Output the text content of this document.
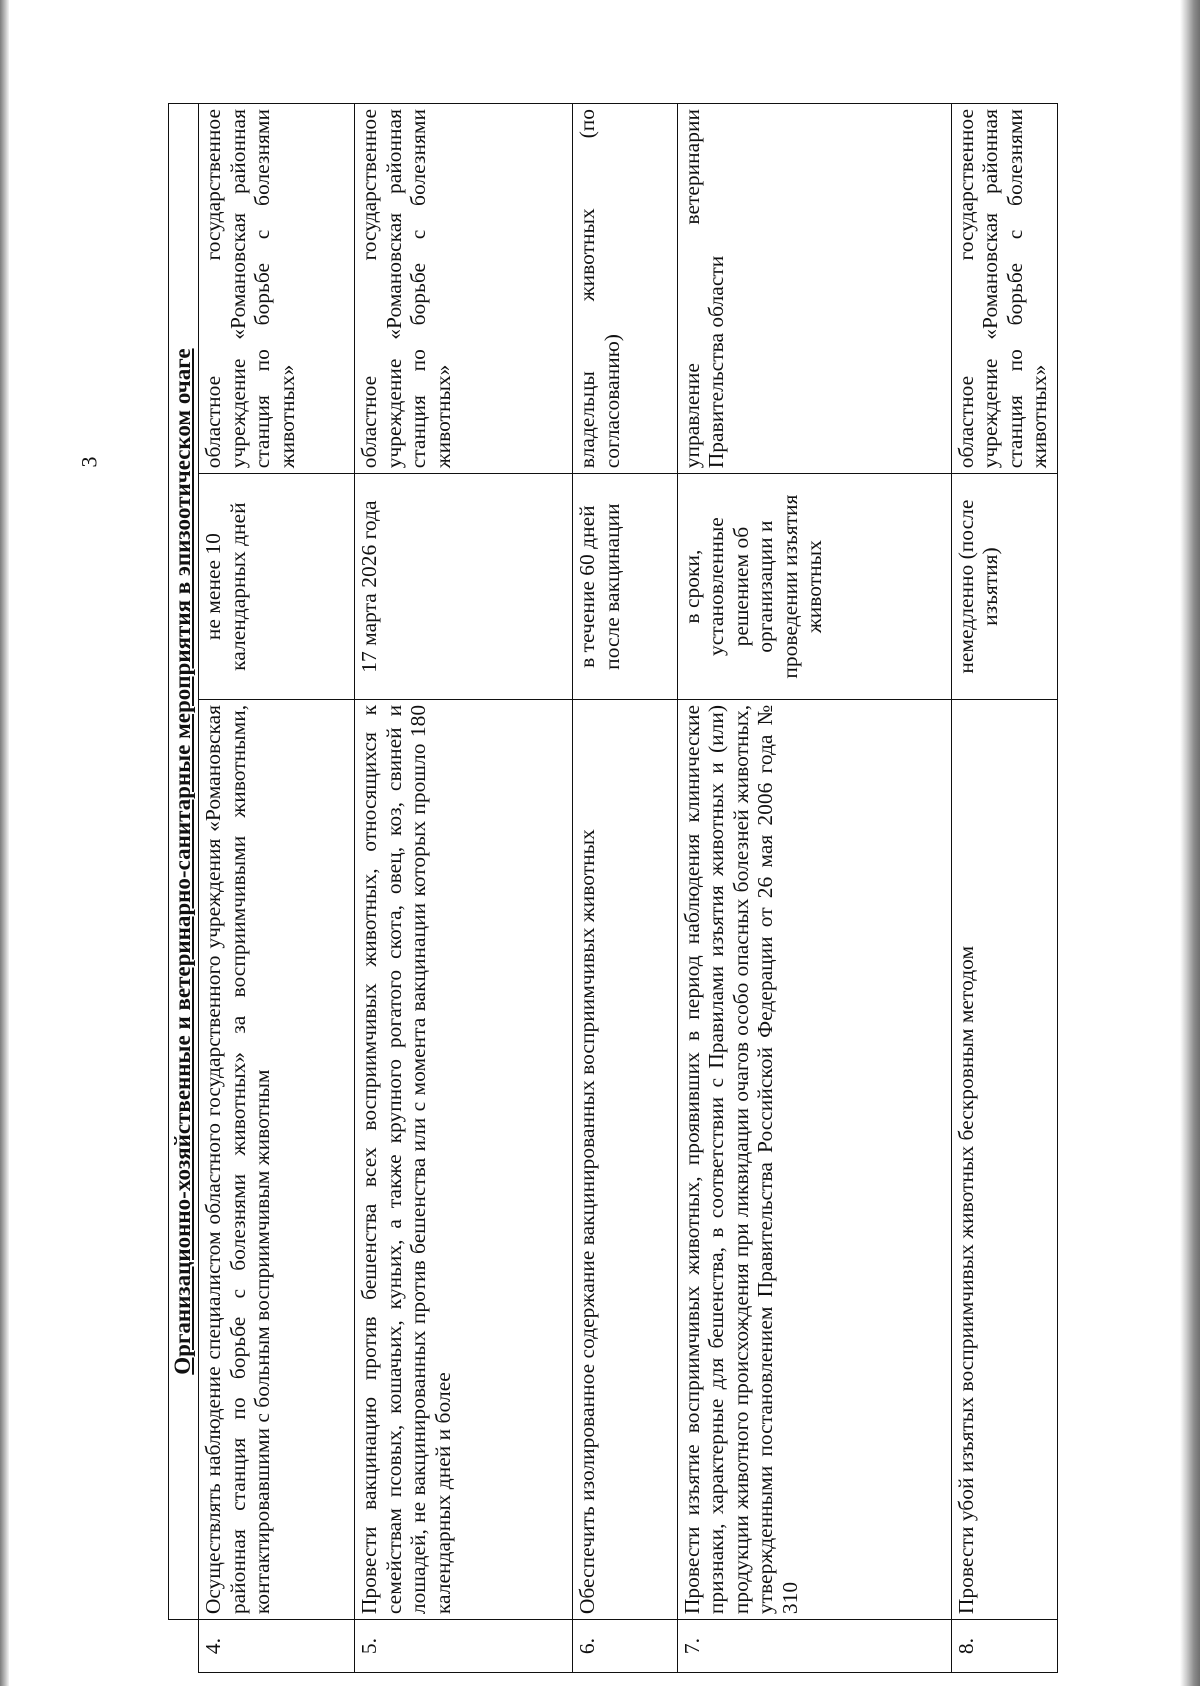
3
		Организационно-хозяйственные и ветеринарно-санитарные мероприятия в эпизоотическом очаге		
4.	Осуществлять наблюдение специалистом областного государственного учреждения «Романовская районная станция по борьбе с болезнями животных» за восприимчивыми животными, контактировавшими с больным восприимчивым животным	не менее 10 календарных дней	областное государственное учреждение «Романовская районная станция по борьбе с болезнями животных»
5.	Провести вакцинацию против бешенства всех восприимчивых животных, относящихся к семействам псовых, кошачьих, куньих, а также крупного рогатого скота, овец, коз, свиней и лошадей, не вакцинированных против бешенства или с момента вакцинации которых прошло 180 календарных дней и более	17 марта 2026 года	областное государственное учреждение «Романовская районная станция по борьбе с болезнями животных»
6.	Обеспечить изолированное содержание вакцинированных восприимчивых животных	в течение 60 дней после вакцинации	владельцы животных (по согласованию)
7.	Провести изъятие восприимчивых животных, проявивших в период наблюдения клинические признаки, характерные для бешенства, в соответствии с Правилами изъятия животных и (или) продукции животного происхождения при ликвидации очагов особо опасных болезней животных, утвержденными постановлением Правительства Российской Федерации от 26 мая 2006 года № 310	в сроки, установленные решением об организации и проведении изъятия животных	управление ветеринарии Правительства области
8.	Провести убой изъятых восприимчивых животных бескровным методом	немедленно (после изъятия)	областное государственное учреждение «Романовская районная станция по борьбе с болезнями животных»
